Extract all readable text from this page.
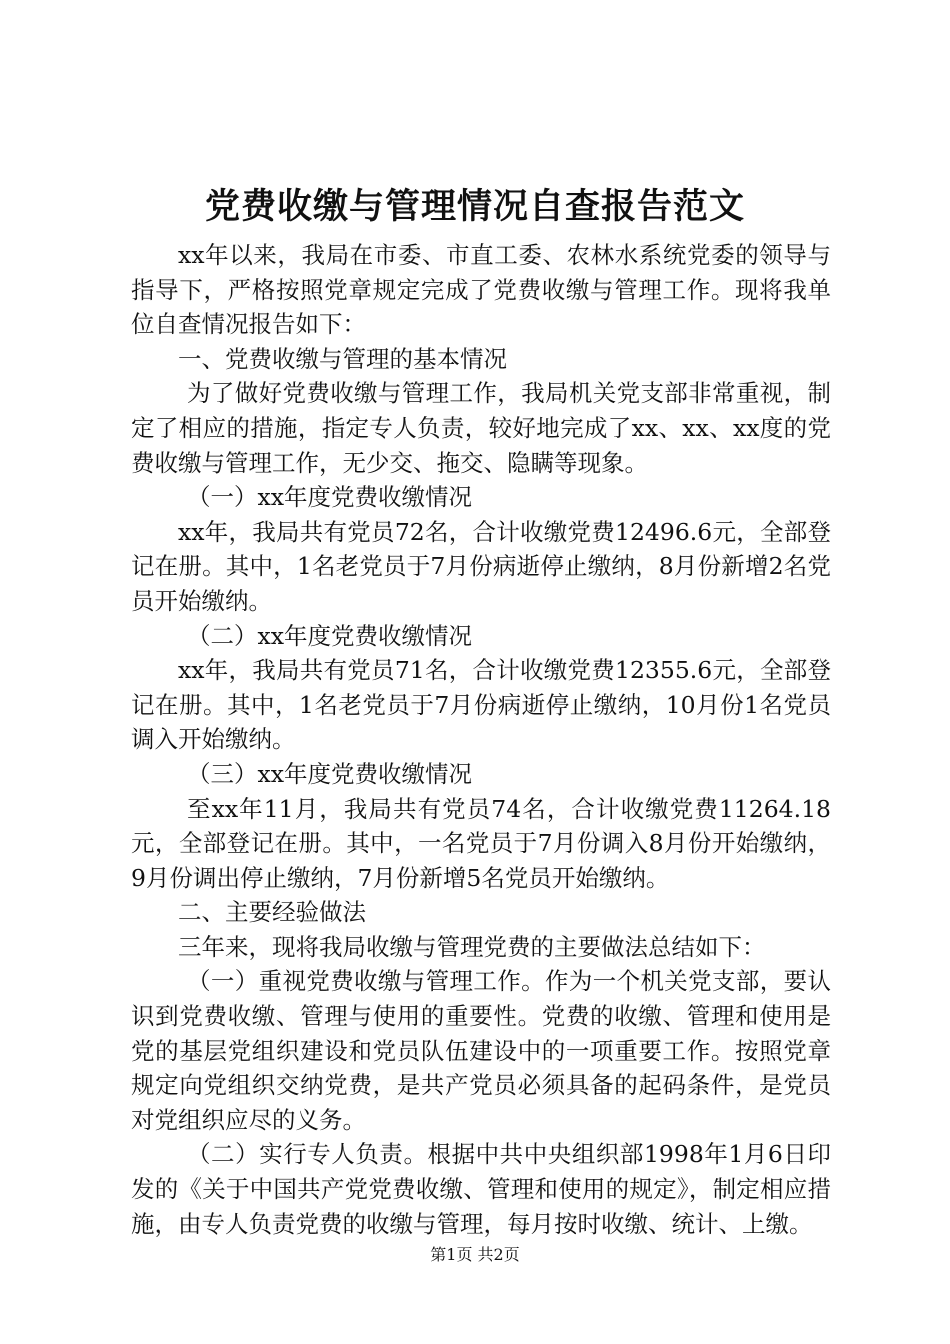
党费收缴与管理情况自查报告范文

xx年以来，我局在市委、市直工委、农林水系统党委的领导与指导下，严格按照党章规定完成了党费收缴与管理工作。现将我单位自查情况报告如下：

一、党费收缴与管理的基本情况

为了做好党费收缴与管理工作，我局机关党支部非常重视，制定了相应的措施，指定专人负责，较好地完成了xx、xx、xx度的党费收缴与管理工作，无少交、拖交、隐瞒等现象。

（一）xx年度党费收缴情况

xx年，我局共有党员72名，合计收缴党费12496.6元，全部登记在册。其中，1名老党员于7月份病逝停止缴纳，8月份新增2名党员开始缴纳。

（二）xx年度党费收缴情况

xx年，我局共有党员71名，合计收缴党费12355.6元，全部登记在册。其中，1名老党员于7月份病逝停止缴纳，10月份1名党员调入开始缴纳。

（三）xx年度党费收缴情况

至xx年11月，我局共有党员74名，合计收缴党费11264.18元，全部登记在册。其中，一名党员于7月份调入8月份开始缴纳，9月份调出停止缴纳，7月份新增5名党员开始缴纳。

二、主要经验做法

三年来，现将我局收缴与管理党费的主要做法总结如下：

（一）重视党费收缴与管理工作。作为一个机关党支部，要认识到党费收缴、管理与使用的重要性。党费的收缴、管理和使用是党的基层党组织建设和党员队伍建设中的一项重要工作。按照党章规定向党组织交纳党费，是共产党员必须具备的起码条件，是党员对党组织应尽的义务。

（二）实行专人负责。根据中共中央组织部1998年1月6日印发的《关于中国共产党党费收缴、管理和使用的规定》，制定相应措施，由专人负责党费的收缴与管理，每月按时收缴、统计、上缴。

第1页 共2页
